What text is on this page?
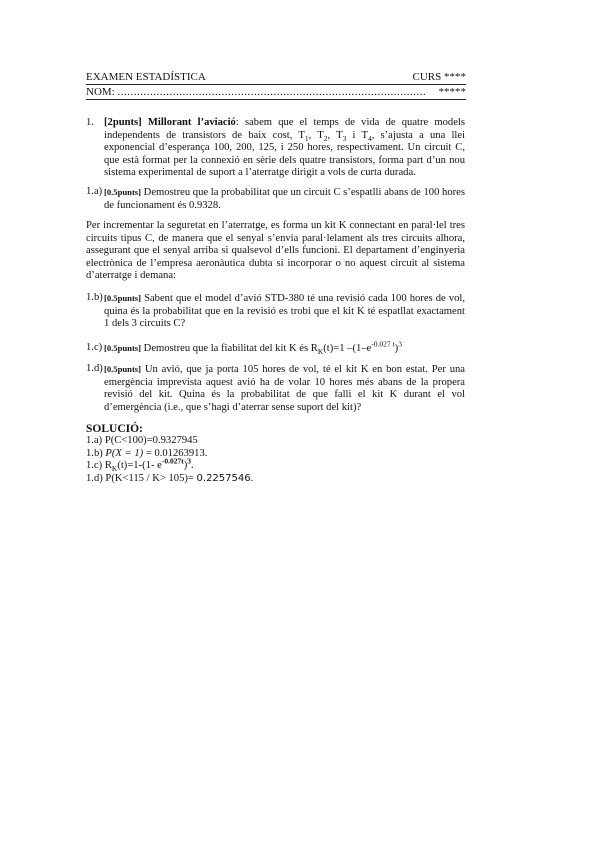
EXAMEN ESTADÍSTICA	CURS ****
NOM: ............................................................................................... *****
1. [2punts] Millorant l’aviació: sabem que el temps de vida de quatre models independents de transistors de baix cost, $T_1$, $T_2$, $T_3$ i $T_4$, s’ajusta a una llei exponencial d’esperança 100, 200, 125, i 250 hores, respectivament. Un circuit C, que està format per la connexió en sèrie dels quatre transistors, forma part d’un nou sistema experimental de suport a l’aterratge dirigit a vols de curta durada.
1.a) [0.5punts] Demostreu que la probabilitat que un circuit C s’espatlli abans de 100 hores de funcionament és 0.9328.
Per incrementar la seguretat en l’aterratge, es forma un kit K connectant en paral·lel tres circuits tipus C, de manera que el senyal s’envia paral·lelament als tres circuits alhora, assegurant que el senyal arriba si qualsevol d’ells funcioni. El departament d’enginyeria electrònica de l’empresa aeronàutica dubta si incorporar o no aquest circuit al sistema d’aterratge i demana:
1.b) [0.5punts] Sabent que el model d’avió STD-380 té una revisió cada 100 hores de vol, quina és la probabilitat que en la revisió es trobi que el kit K té espatllat exactament 1 dels 3 circuits C?
1.c) [0.5punts] Demostreu que la fiabilitat del kit K és $R_K(t)=1$ $-(1-e^{-0.027 t})^3$
1.d) [0.5punts] Un avió, que ja porta 105 hores de vol, té el kit K en bon estat. Per una emergència imprevista aquest avió ha de volar 10 hores més abans de la propera revisió del kit. Quina és la probabilitat de que falli el kit K durant el vol d’emergència (i.e., que s’hagi d’aterrar sense suport del kit)?
SOLUCIÓ:
1.a) P(C<100)=0.9327945
1.b) P(X = 1) = 0.01263913.
1.c) $R_K(t)=1-(1-$ $e^{-0.027t})^3$.
1.d) P(K<115 / K> 105)= 0.2257546.
